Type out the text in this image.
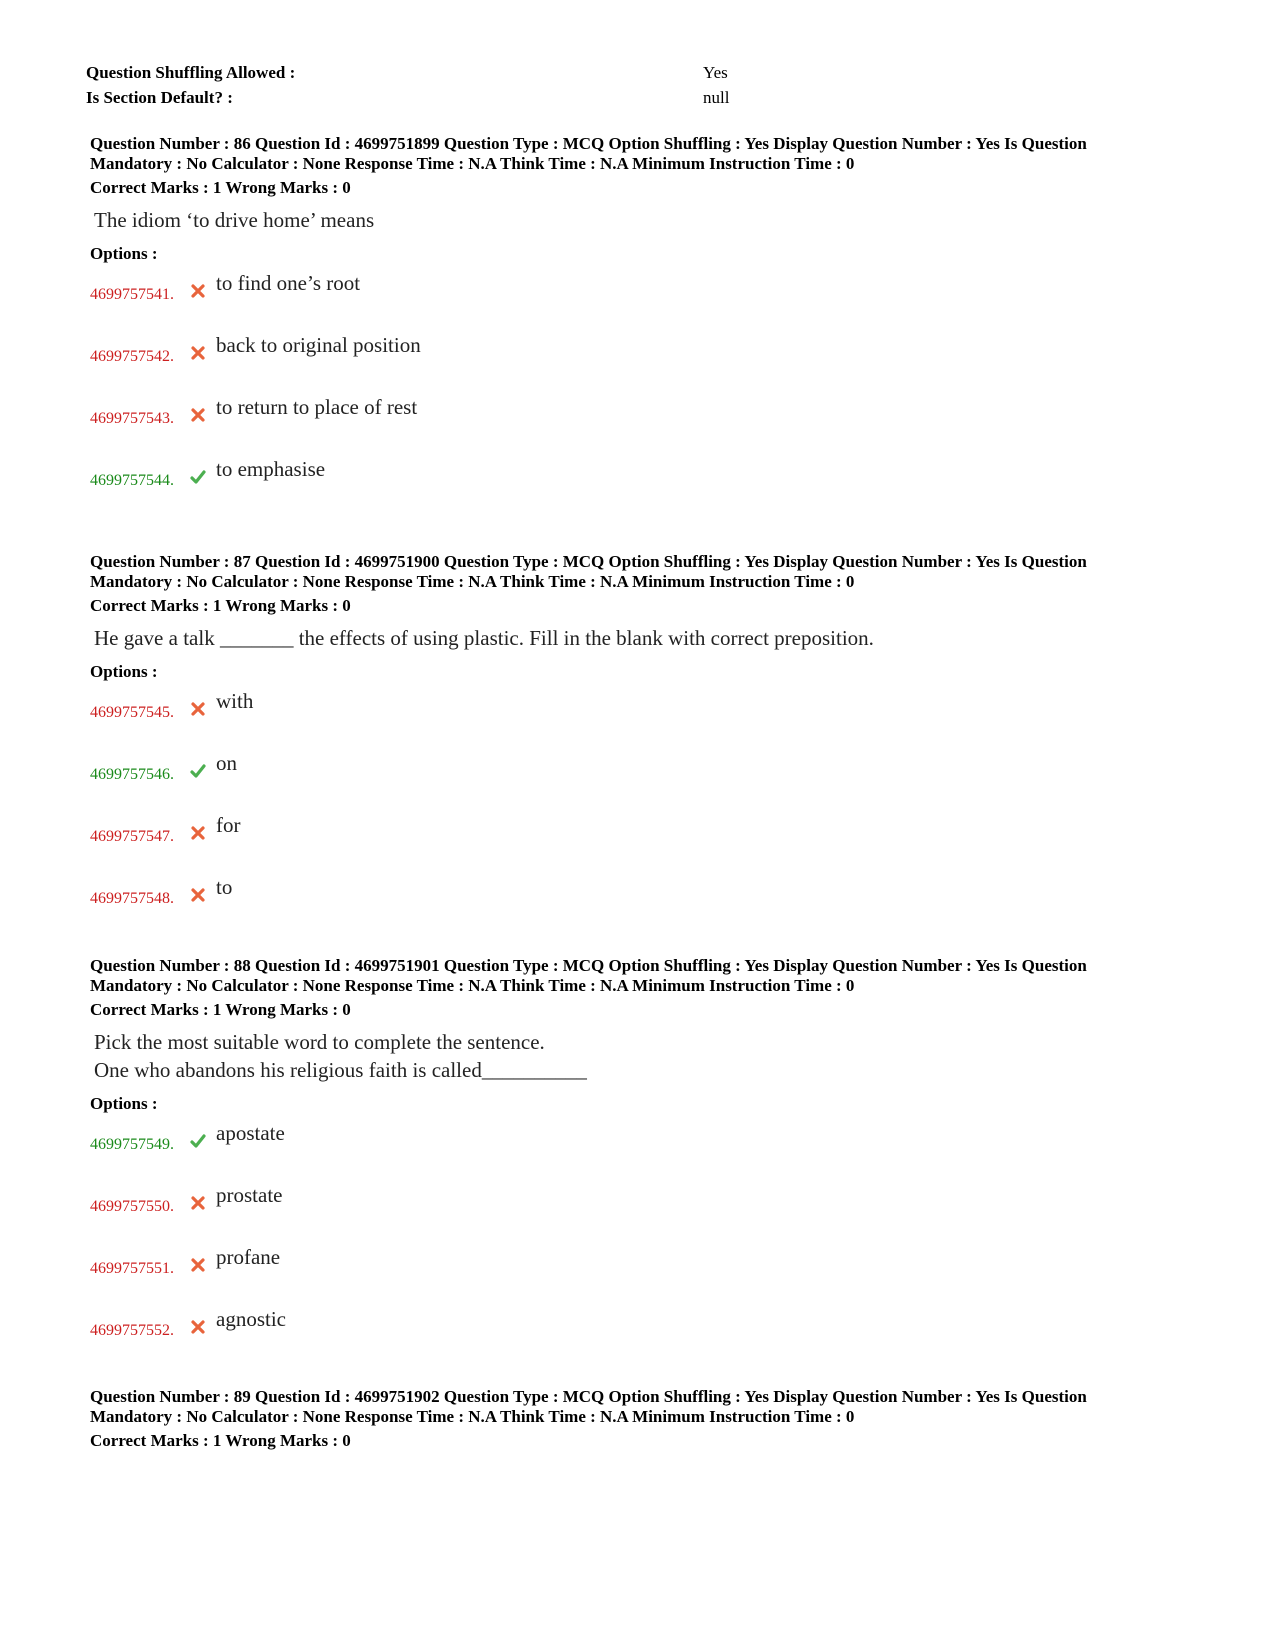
Question Shuffling Allowed :	Yes
Is Section Default? :	null
Question Number : 86 Question Id : 4699751899 Question Type : MCQ Option Shuffling : Yes Display Question Number : Yes Is Question
Mandatory : No Calculator : None Response Time : N.A Think Time : N.A Minimum Instruction Time : 0
Correct Marks : 1 Wrong Marks : 0
The idiom ‘to drive home’ means
Options :
4699757541. to find one’s root
4699757542. back to original position
4699757543. to return to place of rest
4699757544. to emphasise
Question Number : 87 Question Id : 4699751900 Question Type : MCQ Option Shuffling : Yes Display Question Number : Yes Is Question
Mandatory : No Calculator : None Response Time : N.A Think Time : N.A Minimum Instruction Time : 0
Correct Marks : 1 Wrong Marks : 0
He gave a talk _______ the effects of using plastic. Fill in the blank with correct preposition.
Options :
4699757545. with
4699757546. on
4699757547. for
4699757548. to
Question Number : 88 Question Id : 4699751901 Question Type : MCQ Option Shuffling : Yes Display Question Number : Yes Is Question
Mandatory : No Calculator : None Response Time : N.A Think Time : N.A Minimum Instruction Time : 0
Correct Marks : 1 Wrong Marks : 0
Pick the most suitable word to complete the sentence.
One who abandons his religious faith is called__________
Options :
4699757549. apostate
4699757550. prostate
4699757551. profane
4699757552. agnostic
Question Number : 89 Question Id : 4699751902 Question Type : MCQ Option Shuffling : Yes Display Question Number : Yes Is Question
Mandatory : No Calculator : None Response Time : N.A Think Time : N.A Minimum Instruction Time : 0
Correct Marks : 1 Wrong Marks : 0
